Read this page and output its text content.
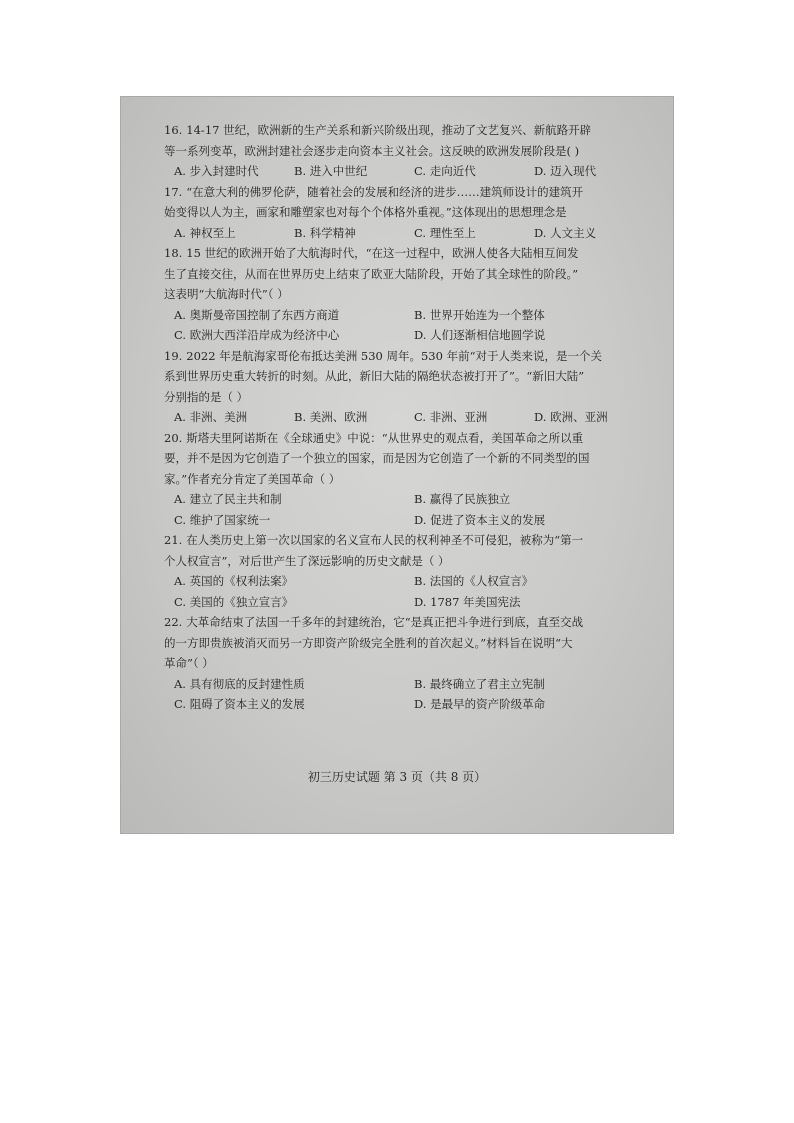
16. 14-17 世纪，欧洲新的生产关系和新兴阶级出现，推动了文艺复兴、新航路开辟
等一系列变革，欧洲封建社会逐步走向资本主义社会。这反映的欧洲发展阶段是( )
A. 步入封建时代	B. 进入中世纪	C. 走向近代	D. 迈入现代
17. “在意大利的佛罗伦萨，随着社会的发展和经济的进步……建筑师设计的建筑开
始变得以人为主，画家和雕塑家也对每个个体格外重视。”这体现出的思想理念是
A. 神权至上	B. 科学精神	C. 理性至上	D. 人文主义
18. 15 世纪的欧洲开始了大航海时代，“在这一过程中，欧洲人使各大陆相互间发
生了直接交往，从而在世界历史上结束了欧亚大陆阶段，开始了其全球性的阶段。”
这表明“大航海时代”（ ）
A. 奥斯曼帝国控制了东西方商道	B. 世界开始连为一个整体
C. 欧洲大西洋沿岸成为经济中心	D. 人们逐渐相信地圆学说
19. 2022 年是航海家哥伦布抵达美洲 530 周年。530 年前“对于人类来说，是一个关
系到世界历史重大转折的时刻。从此，新旧大陆的隔绝状态被打开了”。“新旧大陆”
分别指的是（ ）
A. 非洲、美洲	B. 美洲、欧洲	C. 非洲、亚洲	D. 欧洲、亚洲
20. 斯塔夫里阿诺斯在《全球通史》中说：“从世界史的观点看，美国革命之所以重
要，并不是因为它创造了一个独立的国家，而是因为它创造了一个新的不同类型的国
家。”作者充分肯定了美国革命（ ）
A. 建立了民主共和制	B. 赢得了民族独立
C. 维护了国家统一	D. 促进了资本主义的发展
21. 在人类历史上第一次以国家的名义宣布人民的权利神圣不可侵犯，被称为“第一
个人权宣言”，对后世产生了深远影响的历史文献是（ ）
A. 英国的《权利法案》	B. 法国的《人权宣言》
C. 美国的《独立宣言》	D. 1787 年美国宪法
22. 大革命结束了法国一千多年的封建统治，它“是真正把斗争进行到底，直至交战
的一方即贵族被消灭而另一方即资产阶级完全胜利的首次起义。”材料旨在说明“大
革命”（ ）
A. 具有彻底的反封建性质	B. 最终确立了君主立宪制
C. 阻碍了资本主义的发展	D. 是最早的资产阶级革命
初三历史试题 第 3 页（共 8 页）
